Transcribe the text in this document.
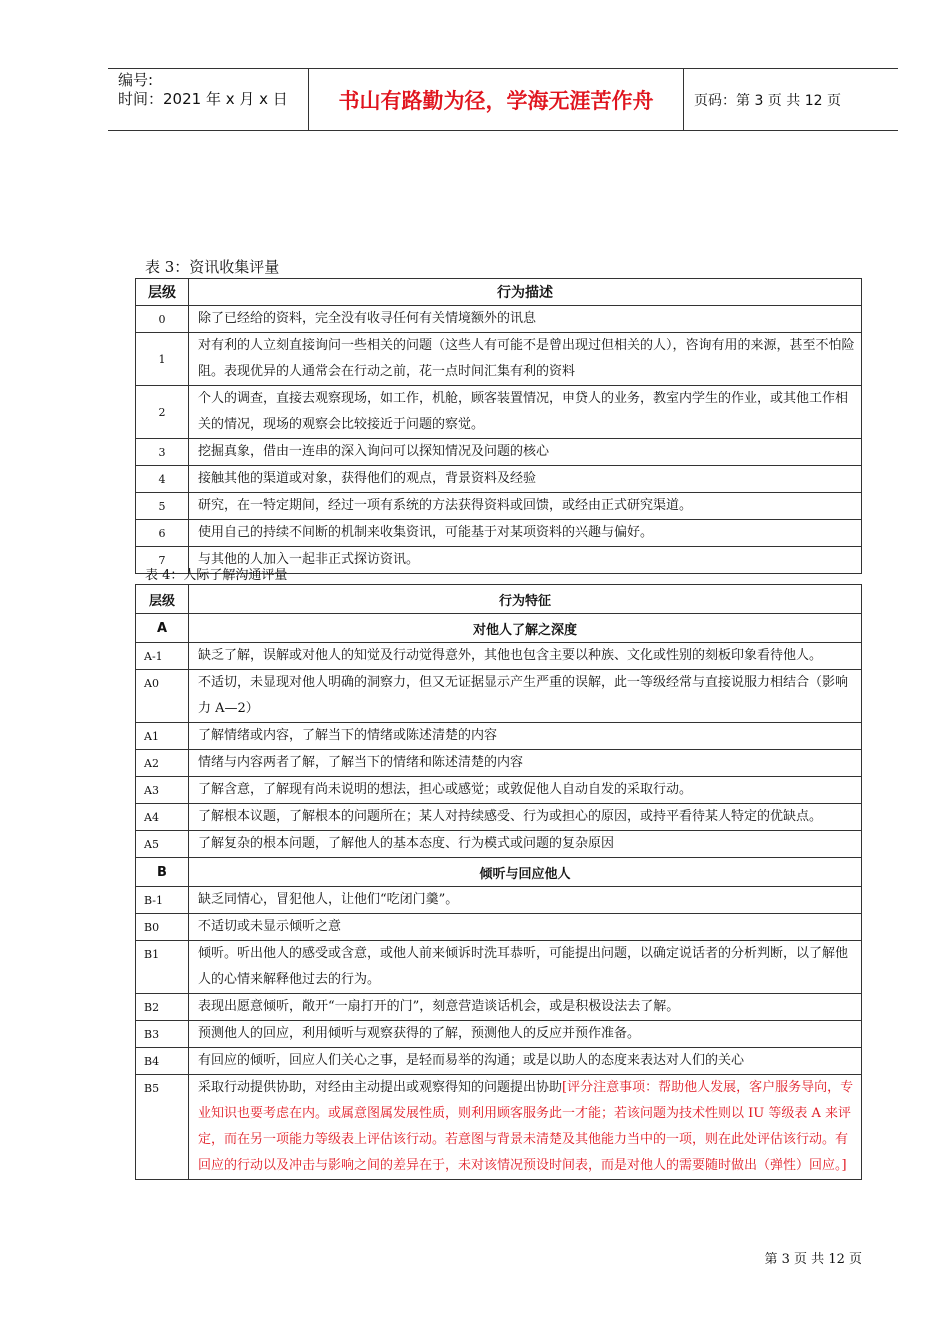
编号:
时间：2021 年 x 月 x 日	书山有路勤为径，学海无涯苦作舟	页码：第 3 页 共 12 页
表 3：资讯收集评量
层级	行为描述
0	除了已经给的资料，完全没有收寻任何有关情境额外的讯息
1	对有利的人立刻直接询问一些相关的问题（这些人有可能不是曾出现过但相关的人），咨询有用的来源，甚至不怕险阻。表现优异的人通常会在行动之前，花一点时间汇集有利的资料
2	个人的调查，直接去观察现场，如工作，机舱，顾客装置情况，申贷人的业务，教室内学生的作业，或其他工作相关的情况，现场的观察会比较接近于问题的察觉。
3	挖掘真象，借由一连串的深入询问可以探知情况及问题的核心
4	接触其他的渠道或对象，获得他们的观点，背景资料及经验
5	研究，在一特定期间，经过一项有系统的方法获得资料或回馈，或经由正式研究渠道。
6	使用自己的持续不间断的机制来收集资讯，可能基于对某项资料的兴趣与偏好。
7	与其他的人加入一起非正式探访资讯。
表 4：人际了解沟通评量
层级	行为特征
A	对他人了解之深度
A-1	缺乏了解，误解或对他人的知觉及行动觉得意外，其他也包含主要以种族、文化或性别的刻板印象看待他人。
A0	不适切，未显现对他人明确的洞察力，但又无证据显示产生严重的误解，此一等级经常与直接说服力相结合（影响力 A—2）
A1	了解情绪或内容，了解当下的情绪或陈述清楚的内容
A2	情绪与内容两者了解，了解当下的情绪和陈述清楚的内容
A3	了解含意，了解现有尚未说明的想法，担心或感觉；或敦促他人自动自发的采取行动。
A4	了解根本议题，了解根本的问题所在；某人对持续感受、行为或担心的原因，或持平看待某人特定的优缺点。
A5	了解复杂的根本问题，了解他人的基本态度、行为模式或问题的复杂原因
B	倾听与回应他人
B-1	缺乏同情心，冒犯他人，让他们“吃闭门羹”。
B0	不适切或未显示倾听之意
B1	倾听。听出他人的感受或含意，或他人前来倾诉时洗耳恭听，可能提出问题，以确定说话者的分析判断，以了解他人的心情来解释他过去的行为。
B2	表现出愿意倾听，敞开“一扇打开的门”，刻意营造谈话机会，或是积极设法去了解。
B3	预测他人的回应，利用倾听与观察获得的了解，预测他人的反应并预作准备。
B4	有回应的倾听，回应人们关心之事，是轻而易举的沟通；或是以助人的态度来表达对人们的关心
B5	采取行动提供协助，对经由主动提出或观察得知的问题提出协助[评分注意事项：帮助他人发展，客户服务导向，专业知识也要考虑在内。或属意图属发展性质，则利用顾客服务此一才能；若该问题为技术性则以 IU 等级表 A 来评定，而在另一项能力等级表上评估该行动。若意图与背景未清楚及其他能力当中的一项，则在此处评估该行动。有回应的行动以及冲击与影响之间的差异在于，未对该情况预设时间表，而是对他人的需要随时做出（弹性）回应。]
第 3 页 共 12 页
